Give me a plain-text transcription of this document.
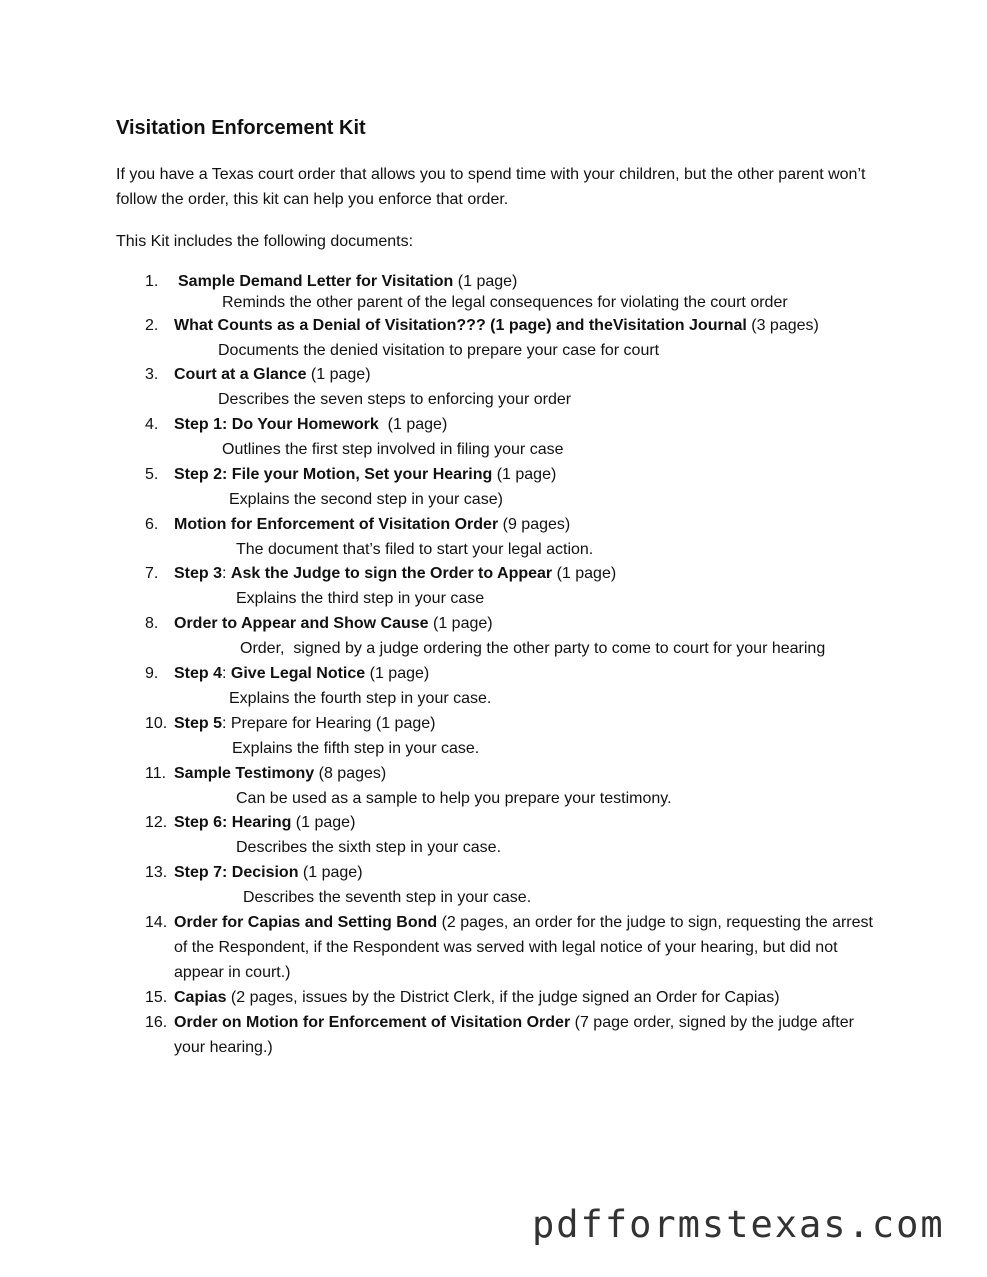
Visitation Enforcement Kit

If you have a Texas court order that allows you to spend time with your children, but the other parent won’t follow the order, this kit can help you enforce that order.

This Kit includes the following documents:

1. Sample Demand Letter for Visitation (1 page)
Reminds the other parent of the legal consequences for violating the court order
2. What Counts as a Denial of Visitation??? (1 page) and theVisitation Journal (3 pages)
Documents the denied visitation to prepare your case for court
3. Court at a Glance (1 page)
Describes the seven steps to enforcing your order
4. Step 1: Do Your Homework  (1 page)
Outlines the first step involved in filing your case
5. Step 2: File your Motion, Set your Hearing (1 page)
Explains the second step in your case)
6. Motion for Enforcement of Visitation Order (9 pages)
The document that’s filed to start your legal action.
7. Step 3: Ask the Judge to sign the Order to Appear (1 page)
Explains the third step in your case
8. Order to Appear and Show Cause (1 page)
Order,  signed by a judge ordering the other party to come to court for your hearing
9. Step 4: Give Legal Notice (1 page)
Explains the fourth step in your case.
10. Step 5: Prepare for Hearing (1 page)
Explains the fifth step in your case.
11. Sample Testimony (8 pages)
Can be used as a sample to help you prepare your testimony.
12. Step 6: Hearing (1 page)
Describes the sixth step in your case.
13. Step 7: Decision (1 page)
Describes the seventh step in your case.
14. Order for Capias and Setting Bond (2 pages, an order for the judge to sign, requesting the arrest of the Respondent, if the Respondent was served with legal notice of your hearing, but did not appear in court.)
15. Capias (2 pages, issues by the District Clerk, if the judge signed an Order for Capias)
16. Order on Motion for Enforcement of Visitation Order (7 page order, signed by the judge after your hearing.)
pdfformstexas.com
